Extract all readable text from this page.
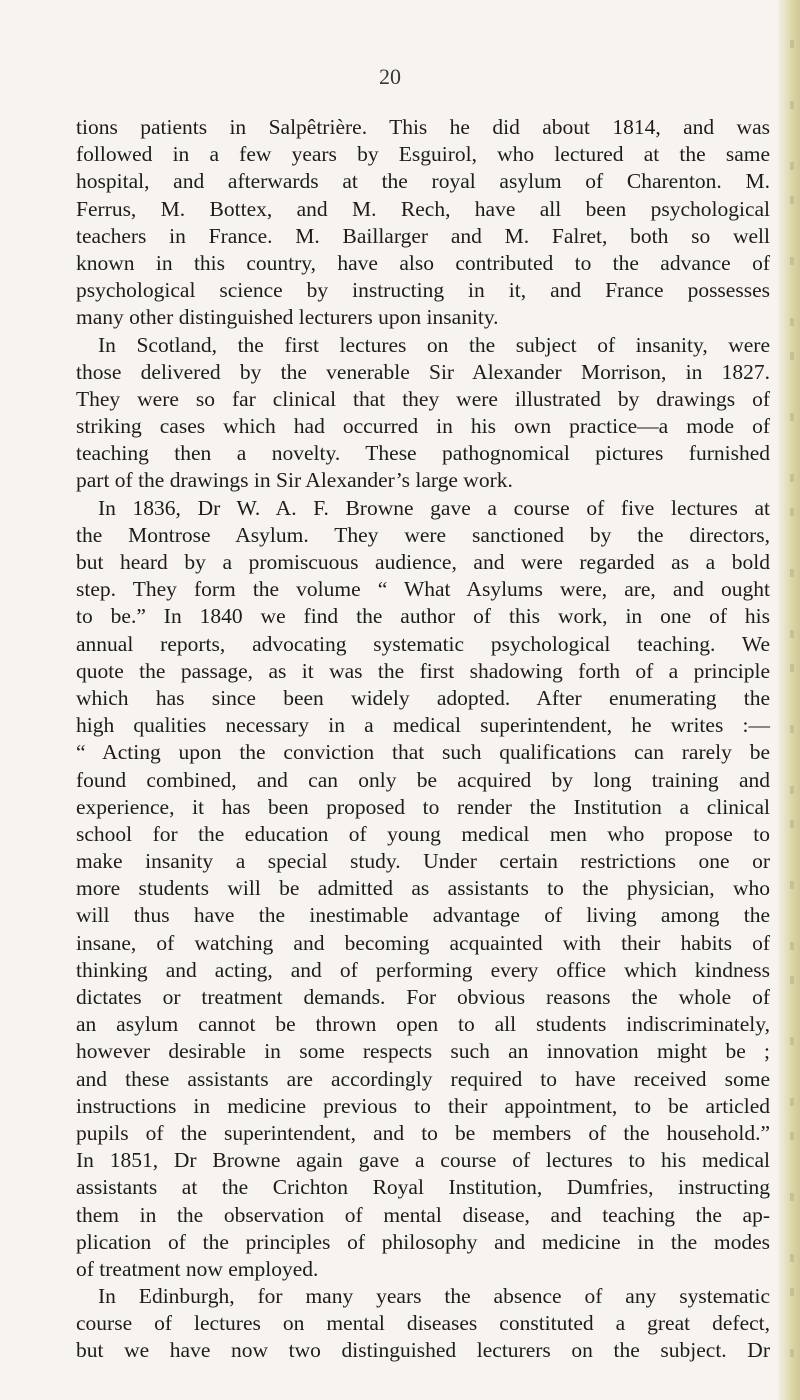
20
tions patients in Salpêtrière. This he did about 1814, and was
followed in a few years by Esguirol, who lectured at the same
hospital, and afterwards at the royal asylum of Charenton. M.
Ferrus, M. Bottex, and M. Rech, have all been psychological
teachers in France. M. Baillarger and M. Falret, both so well
known in this country, have also contributed to the advance of
psychological science by instructing in it, and France possesses
many other distinguished lecturers upon insanity.
In Scotland, the first lectures on the subject of insanity, were
those delivered by the venerable Sir Alexander Morrison, in 1827.
They were so far clinical that they were illustrated by drawings of
striking cases which had occurred in his own practice—a mode of
teaching then a novelty. These pathognomical pictures furnished
part of the drawings in Sir Alexander’s large work.
In 1836, Dr W. A. F. Browne gave a course of five lectures at
the Montrose Asylum. They were sanctioned by the directors,
but heard by a promiscuous audience, and were regarded as a bold
step. They form the volume “ What Asylums were, are, and ought
to be.” In 1840 we find the author of this work, in one of his
annual reports, advocating systematic psychological teaching. We
quote the passage, as it was the first shadowing forth of a principle
which has since been widely adopted. After enumerating the
high qualities necessary in a medical superintendent, he writes :—
“ Acting upon the conviction that such qualifications can rarely be
found combined, and can only be acquired by long training and
experience, it has been proposed to render the Institution a clinical
school for the education of young medical men who propose to
make insanity a special study. Under certain restrictions one or
more students will be admitted as assistants to the physician, who
will thus have the inestimable advantage of living among the
insane, of watching and becoming acquainted with their habits of
thinking and acting, and of performing every office which kindness
dictates or treatment demands. For obvious reasons the whole of
an asylum cannot be thrown open to all students indiscriminately,
however desirable in some respects such an innovation might be ;
and these assistants are accordingly required to have received some
instructions in medicine previous to their appointment, to be articled
pupils of the superintendent, and to be members of the household.”
In 1851, Dr Browne again gave a course of lectures to his medical
assistants at the Crichton Royal Institution, Dumfries, instructing
them in the observation of mental disease, and teaching the ap-
plication of the principles of philosophy and medicine in the modes
of treatment now employed.
In Edinburgh, for many years the absence of any systematic
course of lectures on mental diseases constituted a great defect,
but we have now two distinguished lecturers on the subject. Dr
